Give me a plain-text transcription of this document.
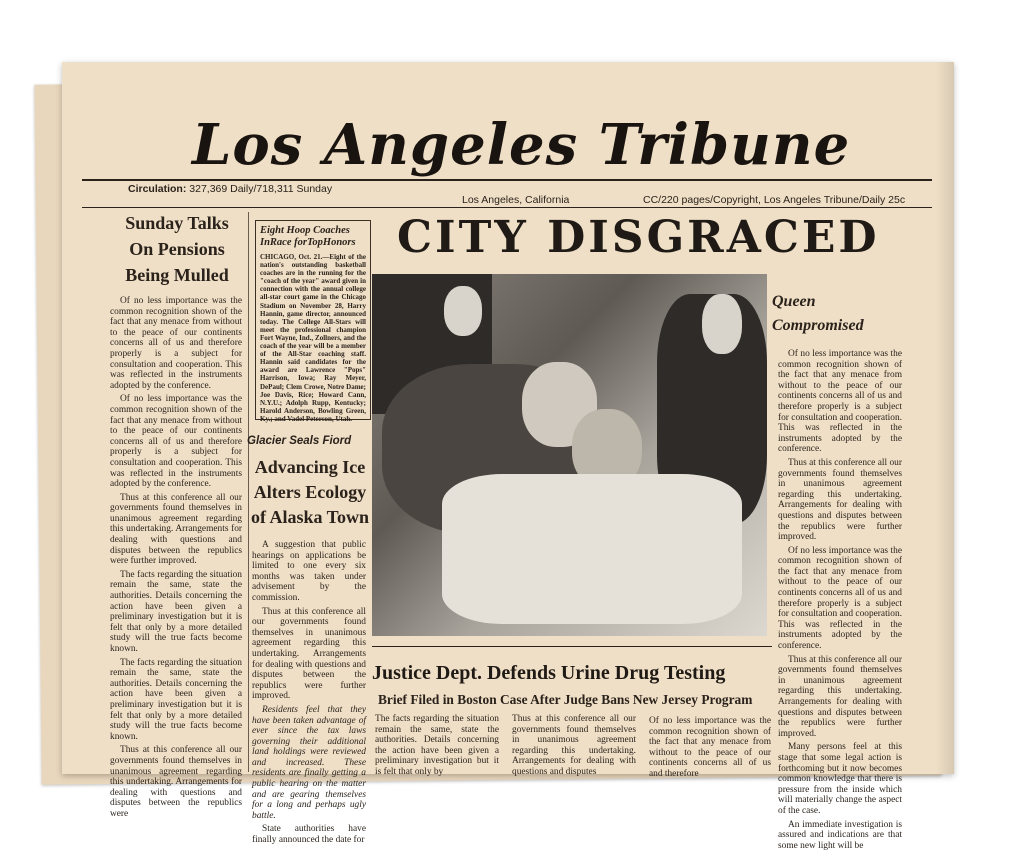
Los Angeles Tribune
Circulation: 327,369 Daily/718,311 Sunday
Los Angeles, California	CC/220 pages/Copyright, Los Angeles Tribune/Daily 25c
Sunday Talks On Pensions Being Mulled

Of no less importance was the common recognition shown of the fact that any menace from without to the peace of our continents concerns all of us and therefore properly is a subject for consultation and cooperation. This was reflected in the instruments adopted by the conference.

Of no less importance was the common recognition shown of the fact that any menace from without to the peace of our continents concerns all of us and therefore properly is a subject for consultation and cooperation. This was reflected in the instruments adopted by the conference.

Thus at this conference all our governments found themselves in unanimous agreement regarding this undertaking. Arrangements for dealing with questions and disputes between the republics were further improved.

The facts regarding the situation remain the same, state the authorities. Details concerning the action have been given a preliminary investigation but it is felt that only by a more detailed study will the true facts become known.

The facts regarding the situation remain the same, state the authorities. Details concerning the action have been given a preliminary investigation but it is felt that only by a more detailed study will the true facts become known.

Thus at this conference all our governments found themselves in unanimous agreement regarding this undertaking. Arrangements for dealing with questions and disputes between the republics were

Eight Hoop Coaches InRace forTopHonors
CHICAGO, Oct. 21.—Eight of the nation's outstanding basketball coaches are in the running for the "coach of the year" award given in connection with the annual college all-star court game in the Chicago Stadium on November 28, Harry Hannin, game director, announced today. The College All-Stars will meet the professional champion Fort Wayne, Ind., Zollners, and the coach of the year will be a member of the All-Star coaching staff. Hannin said candidates for the award are Lawrence "Pops" Harrison, Iowa; Ray Meyer, DePaul; Clem Crowe, Notre Dame; Joe Davis, Rice; Howard Cann, N.Y.U.; Adolph Rupp, Kentucky; Harold Anderson, Bowling Green, Ky.; and Vadel Peterson, Utah.
Glacier Seals Fiord
Advancing Ice Alters Ecology of Alaska Town

A suggestion that public hearings on applications be limited to one every six months was taken under advisement by the commission.

Thus at this conference all our governments found themselves in unanimous agreement regarding this undertaking. Arrangements for dealing with questions and disputes between the republics were further improved.

Residents feel that they have been taken advantage of ever since the tax laws governing their additional land holdings were reviewed and increased. These residents are finally getting a public hearing on the matter and are gearing themselves for a long and perhaps ugly battle.

State authorities have finally announced the date for

CITY DISGRACED
Queen Compromised

Of no less importance was the common recognition shown of the fact that any menace from without to the peace of our continents concerns all of us and therefore properly is a subject for consultation and cooperation. This was reflected in the instruments adopted by the conference.

Thus at this conference all our governments found themselves in unanimous agreement regarding this undertaking. Arrangements for dealing with questions and disputes between the republics were further improved.

Of no less importance was the common recognition shown of the fact that any menace from without to the peace of our continents concerns all of us and therefore properly is a subject for consultation and cooperation. This was reflected in the instruments adopted by the conference.

Thus at this conference all our governments found themselves in unanimous agreement regarding this undertaking. Arrangements for dealing with questions and disputes between the republics were further improved.

Many persons feel at this stage that some legal action is forthcoming but it now becomes common knowledge that there is pressure from the inside which will materially change the aspect of the case.

An immediate investigation is assured and indications are that some new light will be

Justice Dept. Defends Urine Drug Testing
Brief Filed in Boston Case After Judge Bans New Jersey Program
The facts regarding the situation remain the same, state the authorities. Details concerning the action have been given a preliminary investigation but it is felt that only by
Thus at this conference all our governments found themselves in unanimous agreement regarding this undertaking. Arrangements for dealing with questions and disputes
Of no less importance was the common recognition shown of the fact that any menace from without to the peace of our continents concerns all of us and therefore
